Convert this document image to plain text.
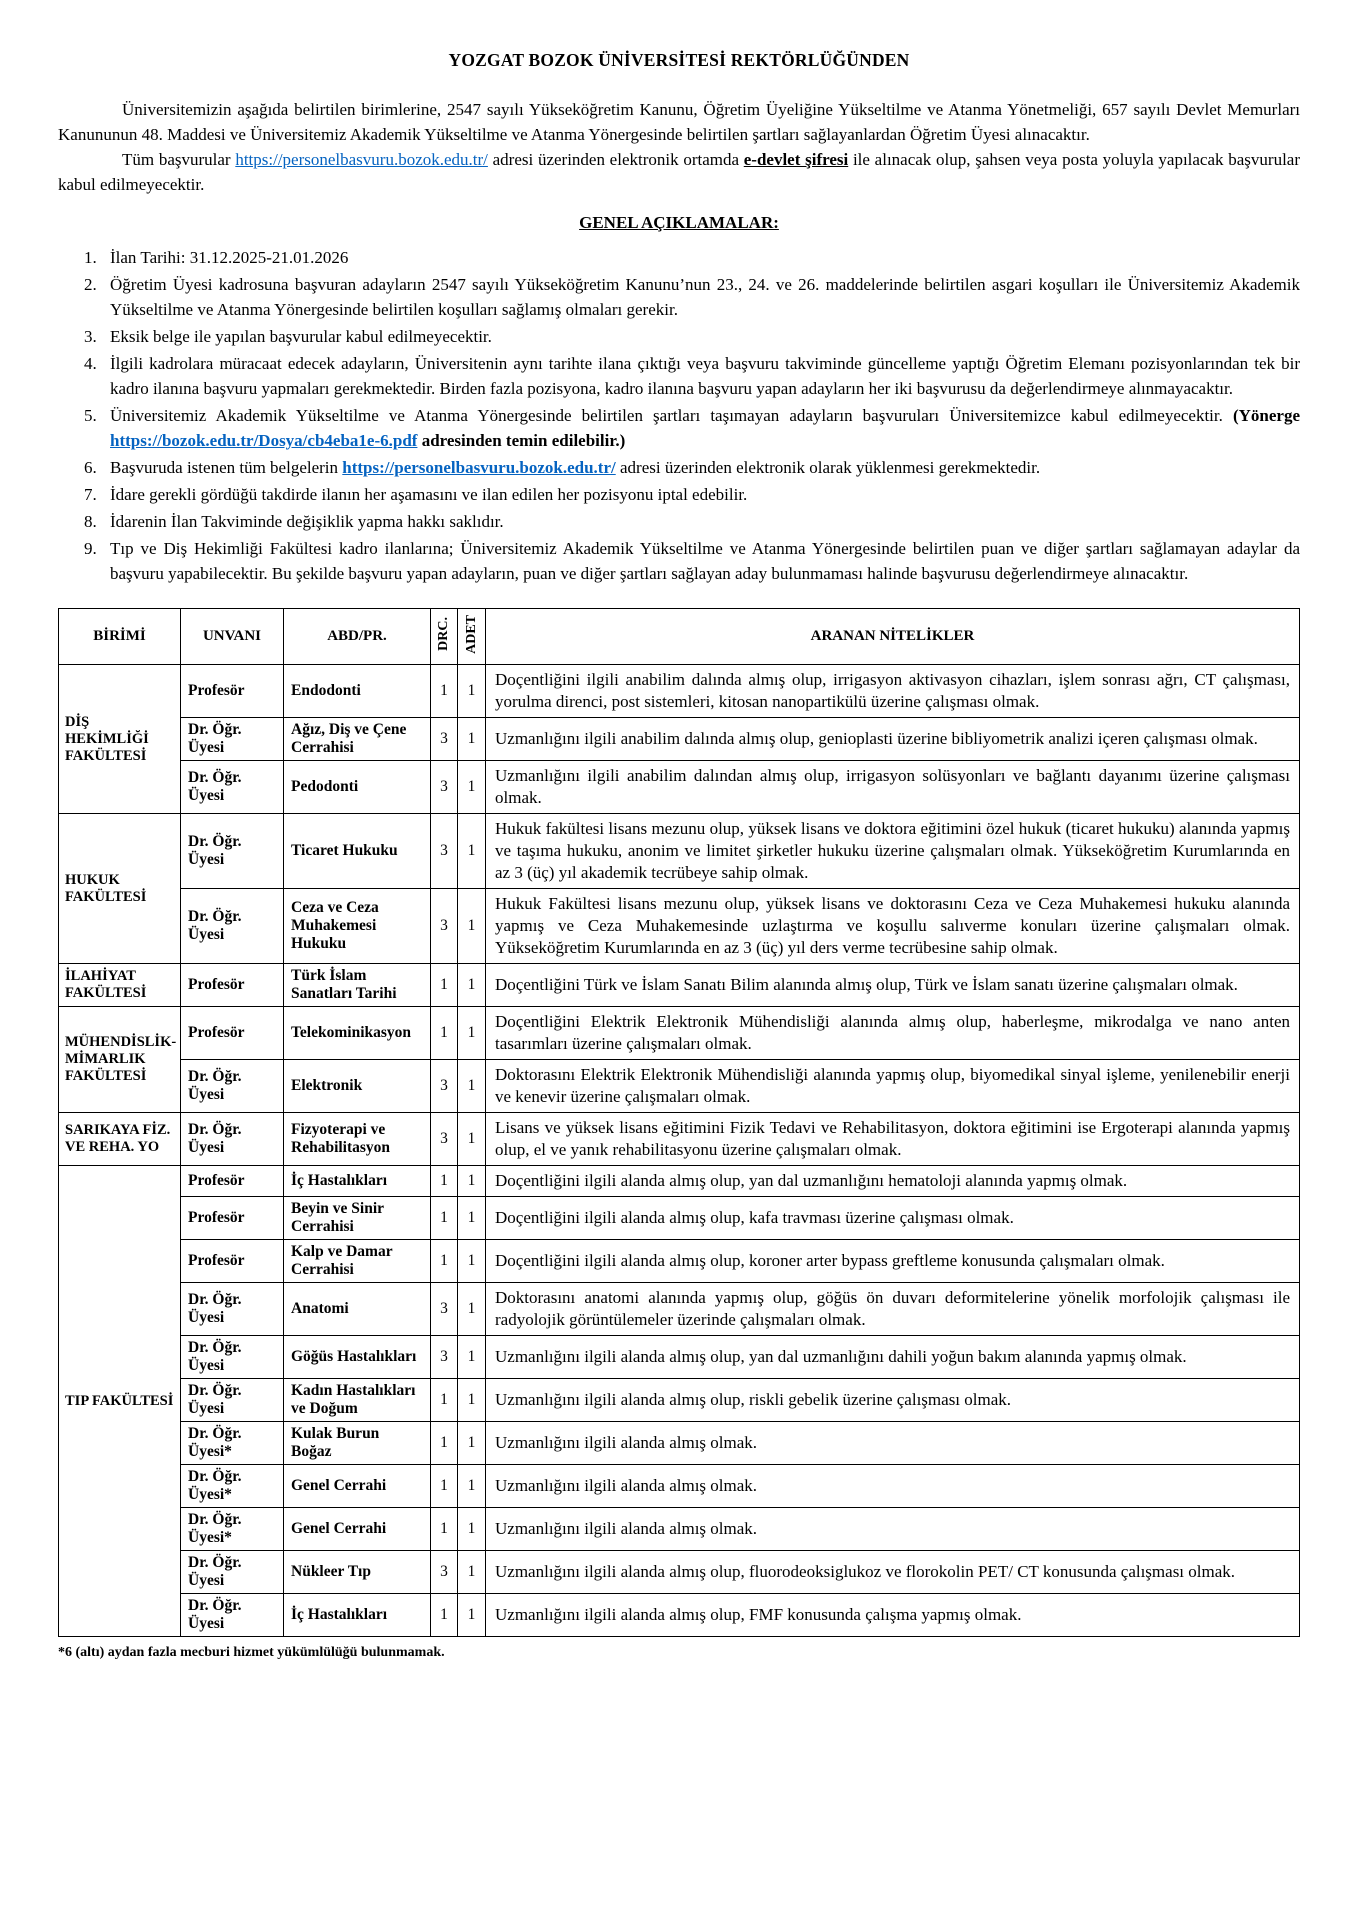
YOZGAT BOZOK ÜNİVERSİTESİ REKTÖRLÜĞÜNDEN

Üniversitemizin aşağıda belirtilen birimlerine, 2547 sayılı Yükseköğretim Kanunu, Öğretim Üyeliğine Yükseltilme ve Atanma Yönetmeliği, 657 sayılı Devlet Memurları Kanununun 48. Maddesi ve Üniversitemiz Akademik Yükseltilme ve Atanma Yönergesinde belirtilen şartları sağlayanlardan Öğretim Üyesi alınacaktır.

Tüm başvurular https://personelbasvuru.bozok.edu.tr/ adresi üzerinden elektronik ortamda e-devlet şifresi ile alınacak olup, şahsen veya posta yoluyla yapılacak başvurular kabul edilmeyecektir.

GENEL AÇIKLAMALAR:
1. İlan Tarihi: 31.12.2025-21.01.2026
2. Öğretim Üyesi kadrosuna başvuran adayların 2547 sayılı Yükseköğretim Kanunu’nun 23., 24. ve 26. maddelerinde belirtilen asgari koşulları ile Üniversitemiz Akademik Yükseltilme ve Atanma Yönergesinde belirtilen koşulları sağlamış olmaları gerekir.
3. Eksik belge ile yapılan başvurular kabul edilmeyecektir.
4. İlgili kadrolara müracaat edecek adayların, Üniversitenin aynı tarihte ilana çıktığı veya başvuru takviminde güncelleme yaptığı Öğretim Elemanı pozisyonlarından tek bir kadro ilanına başvuru yapmaları gerekmektedir. Birden fazla pozisyona, kadro ilanına başvuru yapan adayların her iki başvurusu da değerlendirmeye alınmayacaktır.
5. Üniversitemiz Akademik Yükseltilme ve Atanma Yönergesinde belirtilen şartları taşımayan adayların başvuruları Üniversitemizce kabul edilmeyecektir. (Yönerge https://bozok.edu.tr/Dosya/cb4eba1e-6.pdf adresinden temin edilebilir.)
6. Başvuruda istenen tüm belgelerin https://personelbasvuru.bozok.edu.tr/ adresi üzerinden elektronik olarak yüklenmesi gerekmektedir.
7. İdare gerekli gördüğü takdirde ilanın her aşamasını ve ilan edilen her pozisyonu iptal edebilir.
8. İdarenin İlan Takviminde değişiklik yapma hakkı saklıdır.
9. Tıp ve Diş Hekimliği Fakültesi kadro ilanlarına; Üniversitemiz Akademik Yükseltilme ve Atanma Yönergesinde belirtilen puan ve diğer şartları sağlamayan adaylar da başvuru yapabilecektir. Bu şekilde başvuru yapan adayların, puan ve diğer şartları sağlayan aday bulunmaması halinde başvurusu değerlendirmeye alınacaktır.
BİRİMİ	UNVANI	ABD/PR.	DRC.	ADET	ARANAN NİTELİKLER
DİŞ HEKİMLİĞİ FAKÜLTESİ	Profesör	Endodonti	1	1	Doçentliğini ilgili anabilim dalında almış olup, irrigasyon aktivasyon cihazları, işlem sonrası ağrı, CT çalışması, yorulma direnci, post sistemleri, kitosan nanopartikülü üzerine çalışması olmak.
	Dr. Öğr. Üyesi	Ağız, Diş ve Çene Cerrahisi	3	1	Uzmanlığını ilgili anabilim dalında almış olup, genioplasti üzerine bibliyometrik analizi içeren çalışması olmak.
	Dr. Öğr. Üyesi	Pedodonti	3	1	Uzmanlığını ilgili anabilim dalından almış olup, irrigasyon solüsyonları ve bağlantı dayanımı üzerine çalışması olmak.
HUKUK FAKÜLTESİ	Dr. Öğr. Üyesi	Ticaret Hukuku	3	1	Hukuk fakültesi lisans mezunu olup, yüksek lisans ve doktora eğitimini özel hukuk (ticaret hukuku) alanında yapmış ve taşıma hukuku, anonim ve limitet şirketler hukuku üzerine çalışmaları olmak. Yükseköğretim Kurumlarında en az 3 (üç) yıl akademik tecrübeye sahip olmak.
	Dr. Öğr. Üyesi	Ceza ve Ceza Muhakemesi Hukuku	3	1	Hukuk Fakültesi lisans mezunu olup, yüksek lisans ve doktorasını Ceza ve Ceza Muhakemesi hukuku alanında yapmış ve Ceza Muhakemesinde uzlaştırma ve koşullu salıverme konuları üzerine çalışmaları olmak. Yükseköğretim Kurumlarında en az 3 (üç) yıl ders verme tecrübesine sahip olmak.
İLAHİYAT FAKÜLTESİ	Profesör	Türk İslam Sanatları Tarihi	1	1	Doçentliğini Türk ve İslam Sanatı Bilim alanında almış olup, Türk ve İslam sanatı üzerine çalışmaları olmak.
MÜHENDİSLİK-MİMARLIK FAKÜLTESİ	Profesör	Telekominikasyon	1	1	Doçentliğini Elektrik Elektronik Mühendisliği alanında almış olup, haberleşme, mikrodalga ve nano anten tasarımları üzerine çalışmaları olmak.
	Dr. Öğr. Üyesi	Elektronik	3	1	Doktorasını Elektrik Elektronik Mühendisliği alanında yapmış olup, biyomedikal sinyal işleme, yenilenebilir enerji ve kenevir üzerine çalışmaları olmak.
SARIKAYA FİZ. VE REHA. YO	Dr. Öğr. Üyesi	Fizyoterapi ve Rehabilitasyon	3	1	Lisans ve yüksek lisans eğitimini Fizik Tedavi ve Rehabilitasyon, doktora eğitimini ise Ergoterapi alanında yapmış olup, el ve yanık rehabilitasyonu üzerine çalışmaları olmak.
TIP FAKÜLTESİ	Profesör	İç Hastalıkları	1	1	Doçentliğini ilgili alanda almış olup, yan dal uzmanlığını hematoloji alanında yapmış olmak.
	Profesör	Beyin ve Sinir Cerrahisi	1	1	Doçentliğini ilgili alanda almış olup, kafa travması üzerine çalışması olmak.
	Profesör	Kalp ve Damar Cerrahisi	1	1	Doçentliğini ilgili alanda almış olup, koroner arter bypass greftleme konusunda çalışmaları olmak.
	Dr. Öğr. Üyesi	Anatomi	3	1	Doktorasını anatomi alanında yapmış olup, göğüs ön duvarı deformitelerine yönelik morfolojik çalışması ile radyolojik görüntülemeler üzerinde çalışmaları olmak.
	Dr. Öğr. Üyesi	Göğüs Hastalıkları	3	1	Uzmanlığını ilgili alanda almış olup, yan dal uzmanlığını dahili yoğun bakım alanında yapmış olmak.
	Dr. Öğr. Üyesi	Kadın Hastalıkları ve Doğum	1	1	Uzmanlığını ilgili alanda almış olup, riskli gebelik üzerine çalışması olmak.
	Dr. Öğr. Üyesi*	Kulak Burun Boğaz	1	1	Uzmanlığını ilgili alanda almış olmak.
	Dr. Öğr. Üyesi*	Genel Cerrahi	1	1	Uzmanlığını ilgili alanda almış olmak.
	Dr. Öğr. Üyesi*	Genel Cerrahi	1	1	Uzmanlığını ilgili alanda almış olmak.
	Dr. Öğr. Üyesi	Nükleer Tıp	3	1	Uzmanlığını ilgili alanda almış olup, fluorodeoksiglukoz ve florokolin PET/ CT konusunda çalışması olmak.
	Dr. Öğr. Üyesi	İç Hastalıkları	1	1	Uzmanlığını ilgili alanda almış olup, FMF konusunda çalışma yapmış olmak.
*6 (altı) aydan fazla mecburi hizmet yükümlülüğü bulunmamak.
